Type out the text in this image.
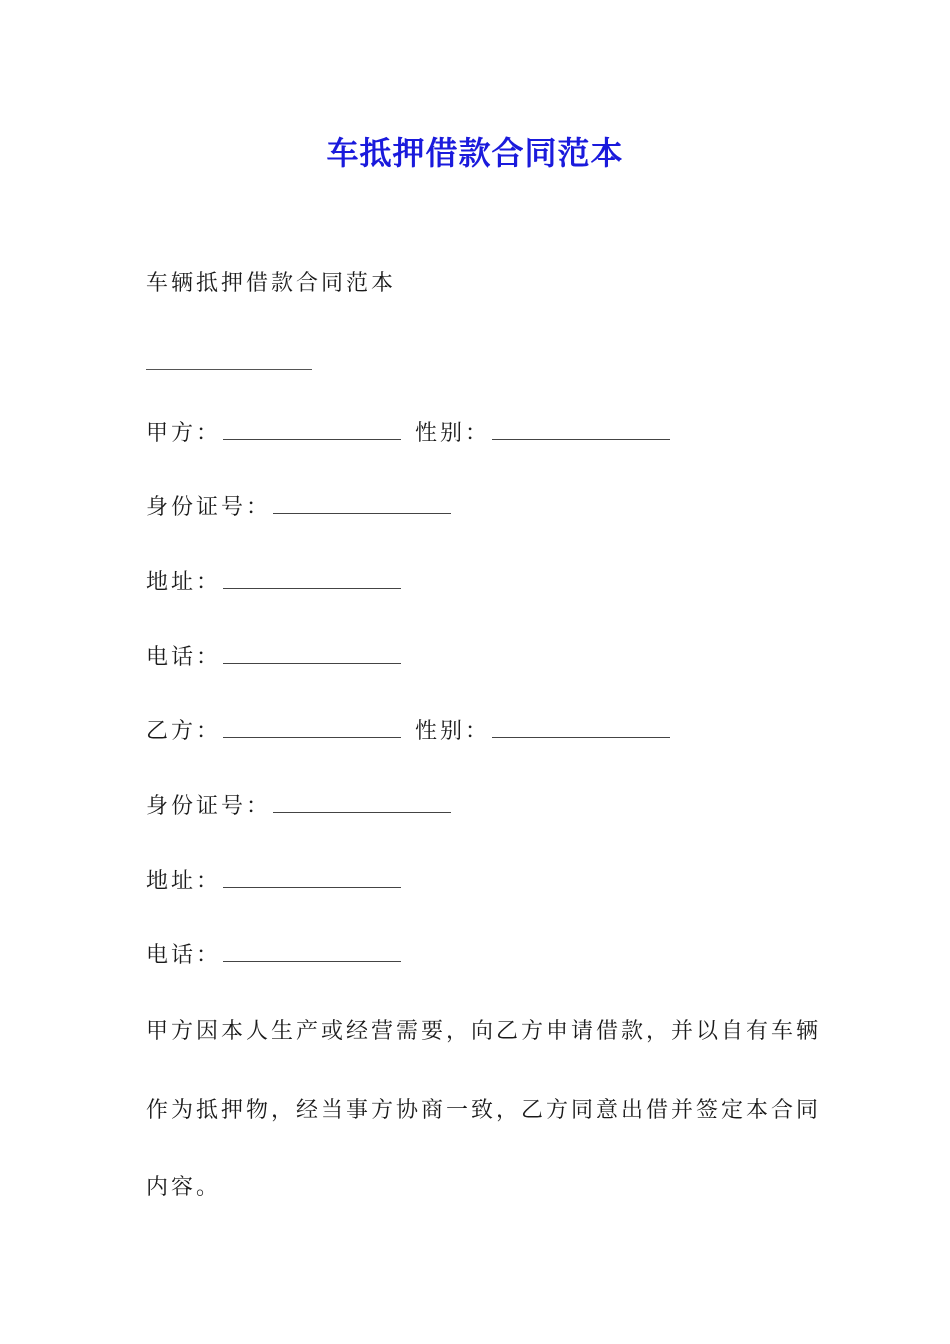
车抵押借款合同范本
车辆抵押借款合同范本
甲方：	性别：
身份证号：
地址：
电话：
乙方：	性别：
身份证号：
地址：
电话：
甲方因本人生产或经营需要，向乙方申请借款，并以自有车辆
作为抵押物，经当事方协商一致，乙方同意出借并签定本合同
内容。
